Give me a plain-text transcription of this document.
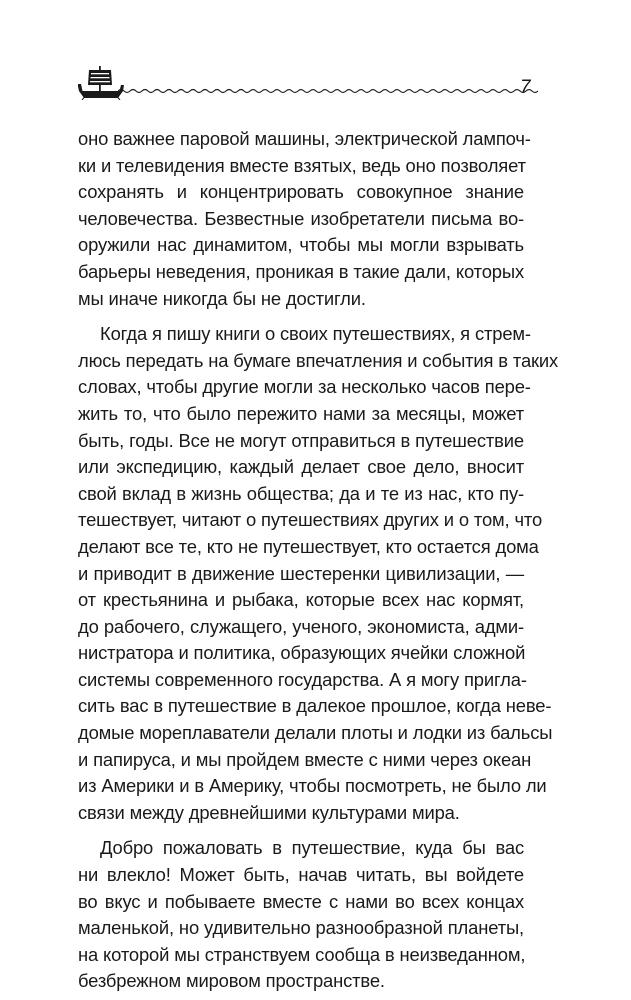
7
оно важнее паровой машины, электрической лампоч-
ки и телевидения вместе взятых, ведь оно позволяет
сохранять и концентрировать совокупное знание
человечества. Безвестные изобретатели письма во-
оружили нас динамитом, чтобы мы могли взрывать
барьеры неведения, проникая в такие дали, которых
мы иначе никогда бы не достигли.
Когда я пишу книги о своих путешествиях, я стрем-
люсь передать на бумаге впечатления и события в таких
словах, чтобы другие могли за несколько часов пере-
жить то, что было пережито нами за месяцы, может
быть, годы. Все не могут отправиться в путешествие
или экспедицию, каждый делает свое дело, вносит
свой вклад в жизнь общества; да и те из нас, кто пу-
тешествует, читают о путешествиях других и о том, что
делают все те, кто не путешествует, кто остается дома
и приводит в движение шестеренки цивилизации, —
от крестьянина и рыбака, которые всех нас кормят,
до рабочего, служащего, ученого, экономиста, адми-
нистратора и политика, образующих ячейки сложной
системы современного государства. А я могу пригла-
сить вас в путешествие в далекое прошлое, когда неве-
домые мореплаватели делали плоты и лодки из бальсы
и папируса, и мы пройдем вместе с ними через океан
из Америки и в Америку, чтобы посмотреть, не было ли
связи между древнейшими культурами мира.
Добро пожаловать в путешествие, куда бы вас
ни влекло! Может быть, начав читать, вы войдете
во вкус и побываете вместе с нами во всех концах
маленькой, но удивительно разнообразной планеты,
на которой мы странствуем сообща в неизведанном,
безбрежном мировом пространстве.
